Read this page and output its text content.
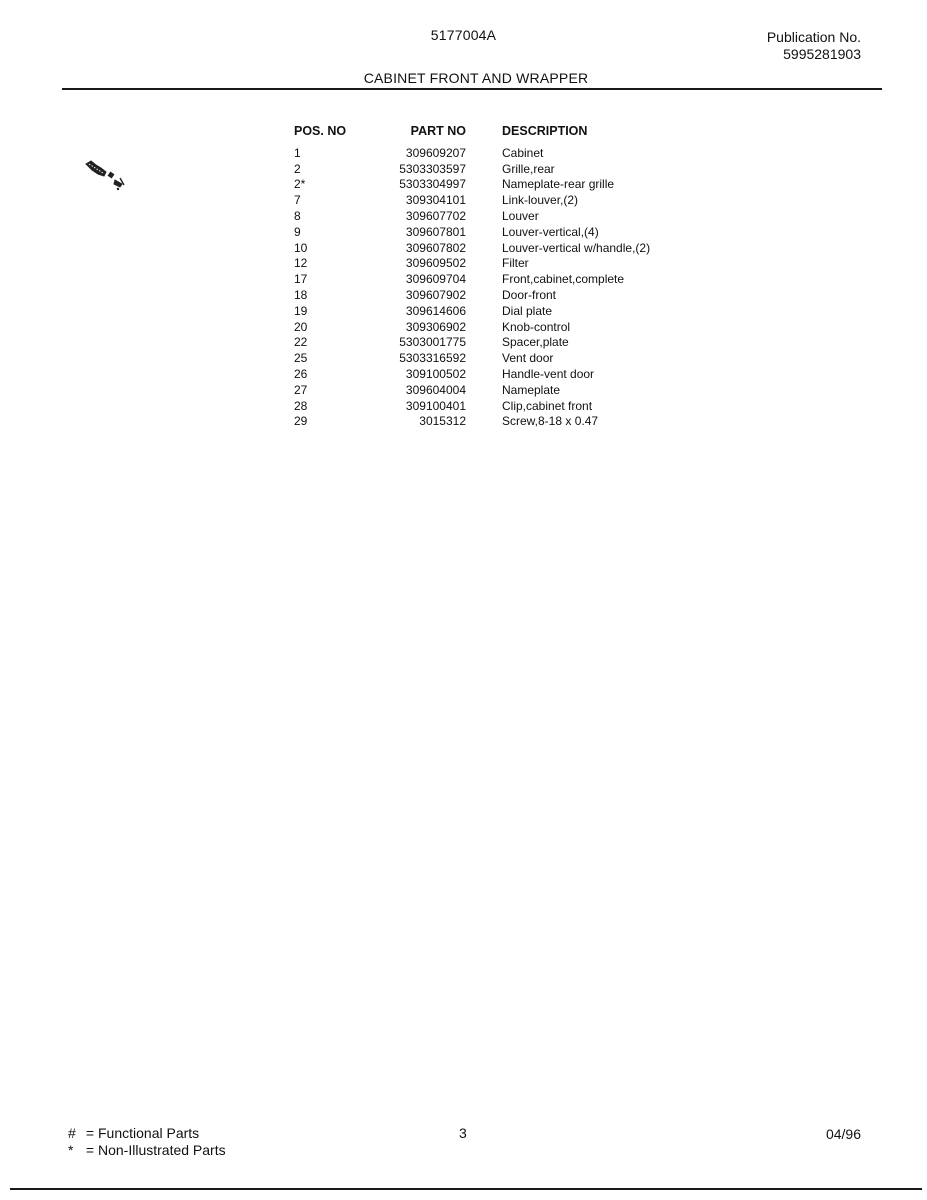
5177004A	Publication No.
5995281903
CABINET FRONT AND WRAPPER
POS. NO	PART NO	DESCRIPTION
1	309609207	Cabinet
2	5303303597	Grille,rear
2*	5303304997	Nameplate-rear grille
7	309304101	Link-louver,(2)
8	309607702	Louver
9	309607801	Louver-vertical,(4)
10	309607802	Louver-vertical w/handle,(2)
12	309609502	Filter
17	309609704	Front,cabinet,complete
18	309607902	Door-front
19	309614606	Dial plate
20	309306902	Knob-control
22	5303001775	Spacer,plate
25	5303316592	Vent door
26	309100502	Handle-vent door
27	309604004	Nameplate
28	309100401	Clip,cabinet front
29	3015312	Screw,8-18 x 0.47
# = Functional Parts
* = Non-Illustrated Parts
3	04/96
